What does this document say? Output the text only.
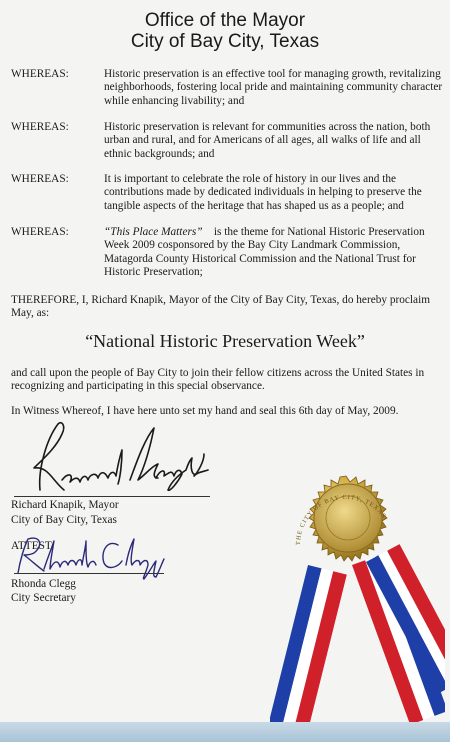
Office of the Mayor
City of Bay City, Texas
WHEREAS:	Historic preservation is an effective tool for managing growth, revitalizing neighborhoods, fostering local pride and maintaining community character while enhancing livability; and
WHEREAS:	Historic preservation is relevant for communities across the nation, both urban and rural, and for Americans of all ages, all walks of life and all ethnic backgrounds; and
WHEREAS:	It is important to celebrate the role of history in our lives and the contributions made by dedicated individuals in helping to preserve the tangible aspects of the heritage that has shaped us as a people; and
WHEREAS:	“This Place Matters” is the theme for National Historic Preservation Week 2009 cosponsored by the Bay City Landmark Commission, Matagorda County Historical Commission and the National Trust for Historic Preservation;
THEREFORE, I, Richard Knapik, Mayor of the City of Bay City, Texas, do hereby proclaim May, as:
“National Historic Preservation Week”
and call upon the people of Bay City to join their fellow citizens across the United States in recognizing and participating in this special observance.
In Witness Whereof, I have here unto set my hand and seal this 6th day of May, 2009.
Richard Knapik, Mayor
City of Bay City, Texas
ATTEST:
Rhonda Clegg
City Secretary
THE CITY OF BAY CITY, TEXAS
